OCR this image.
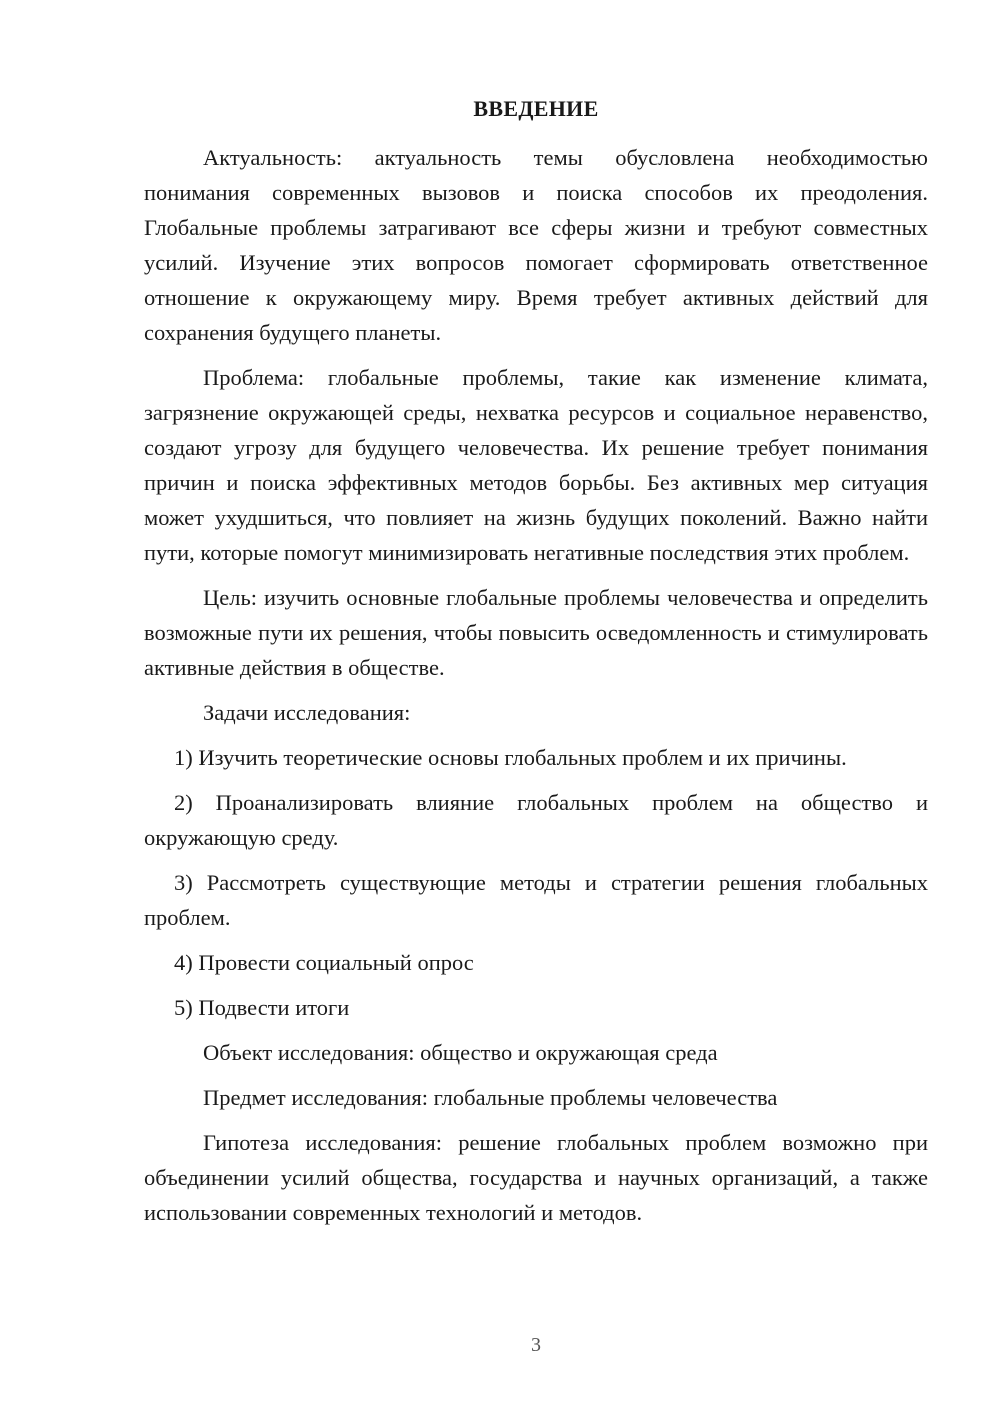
ВВЕДЕНИЕ

Актуальность: актуальность темы обусловлена необходимостью понимания современных вызовов и поиска способов их преодоления. Глобальные проблемы затрагивают все сферы жизни и требуют совместных усилий. Изучение этих вопросов помогает сформировать ответственное отношение к окружающему миру. Время требует активных действий для сохранения будущего планеты.

Проблема: глобальные проблемы, такие как изменение климата, загрязнение окружающей среды, нехватка ресурсов и социальное неравенство, создают угрозу для будущего человечества. Их решение требует понимания причин и поиска эффективных методов борьбы. Без активных мер ситуация может ухудшиться, что повлияет на жизнь будущих поколений. Важно найти пути, которые помогут минимизировать негативные последствия этих проблем.

Цель: изучить основные глобальные проблемы человечества и определить возможные пути их решения, чтобы повысить осведомленность и стимулировать активные действия в обществе.

Задачи исследования:

1) Изучить теоретические основы глобальных проблем и их причины.

2) Проанализировать влияние глобальных проблем на общество и окружающую среду.

3) Рассмотреть существующие методы и стратегии решения глобальных проблем.

4) Провести социальный опрос

5) Подвести итоги

Объект исследования: общество и окружающая среда

Предмет исследования: глобальные проблемы человечества

Гипотеза исследования: решение глобальных проблем возможно при объединении усилий общества, государства и научных организаций, а также использовании современных технологий и методов.

3
